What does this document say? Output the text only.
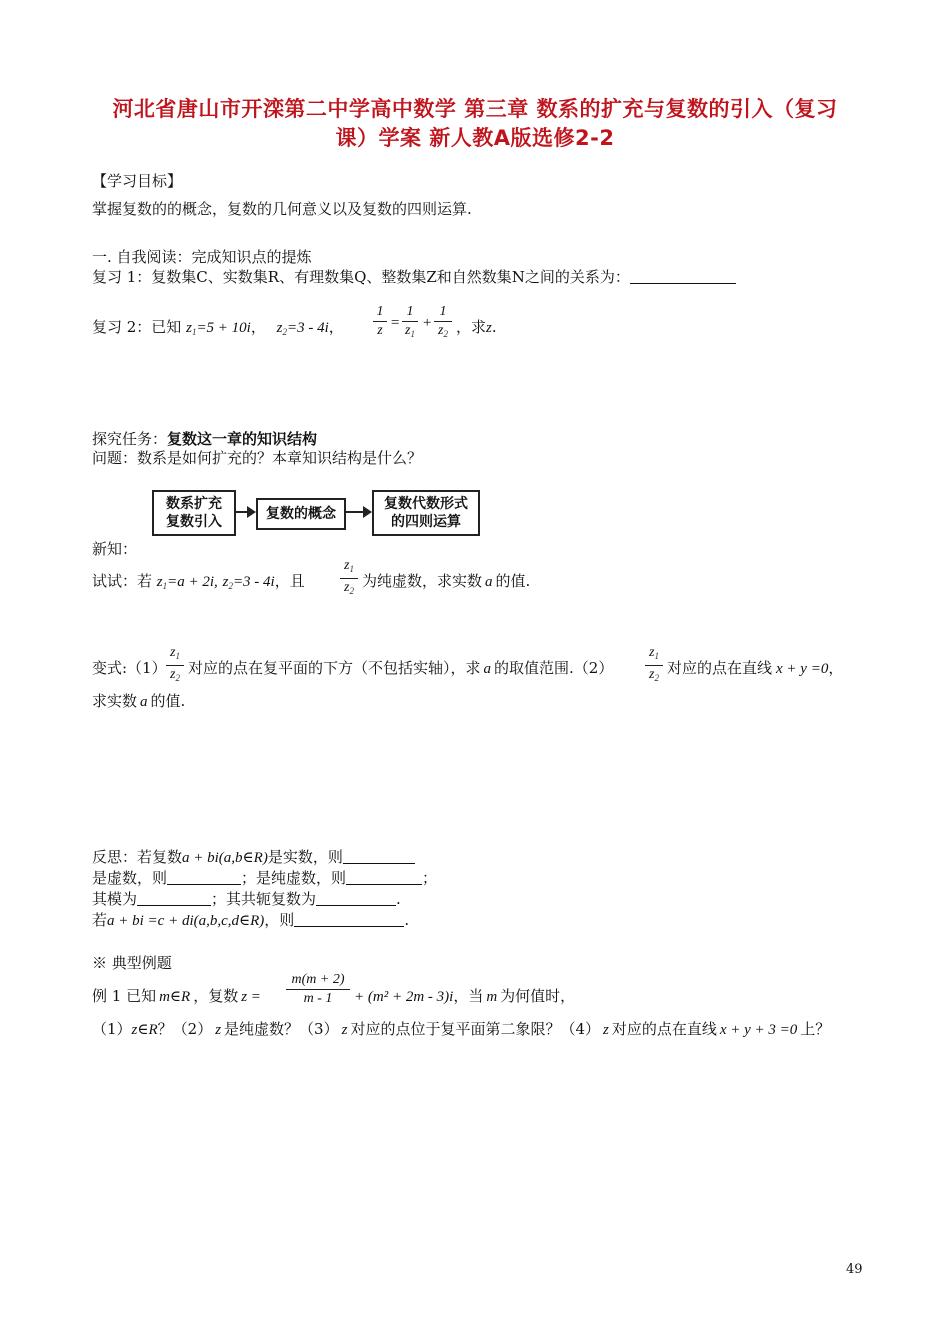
河北省唐山市开滦第二中学高中数学 第三章 数系的扩充与复数的引入（复习
课）学案 新人教A版选修2-2
【学习目标】
掌握复数的的概念，复数的几何意义以及复数的四则运算.
一. 自我阅读：完成知识点的提炼
复习 1：复数集C、实数集R、有理数集Q、整数集Z和自然数集N之间的关系为：
复习 2：已知 $z_1=5 + 10i$， $z_2=3 - 4i$，
1
z =
1
$z_1$
+
1
$z_2$ ，求z.
探究任务：复数这一章的知识结构
问题：数系是如何扩充的？本章知识结构是什么？
数系扩充
复数引入	复数的概念
复数代数形式
的四则运算
新知：
试试：若 $z_1=a + 2i$, $z_2=3 - 4i$，且
$z_1$
$z_2$
为纯虚数，求实数 a 的值.
变式:（1）
$z_1$
$z_2$
对应的点在复平面的下方（不包括实轴），求 a 的取值范围.（2）
$z_1$
$z_2$
对应的点在直线 x + y =0，
求实数 a 的值.
反思：若复数a + bi(a,b∈R)是实数，则
是虚数，则	；是纯虚数，则	；
其模为	；其共轭复数为	.
若a + bi =c + di(a,b,c,d∈R)，则	.
※ 典型例题
例 1 已知 m∈R ，复数 z =
m(m + 2)
m - 1	+ (m² + 2m - 3)i，当 m 为何值时，
（1）z∈R？（2） z 是纯虚数？（3） z 对应的点位于复平面第二象限？（4） z 对应的点在直线 x + y + 3 =0 上？
49
